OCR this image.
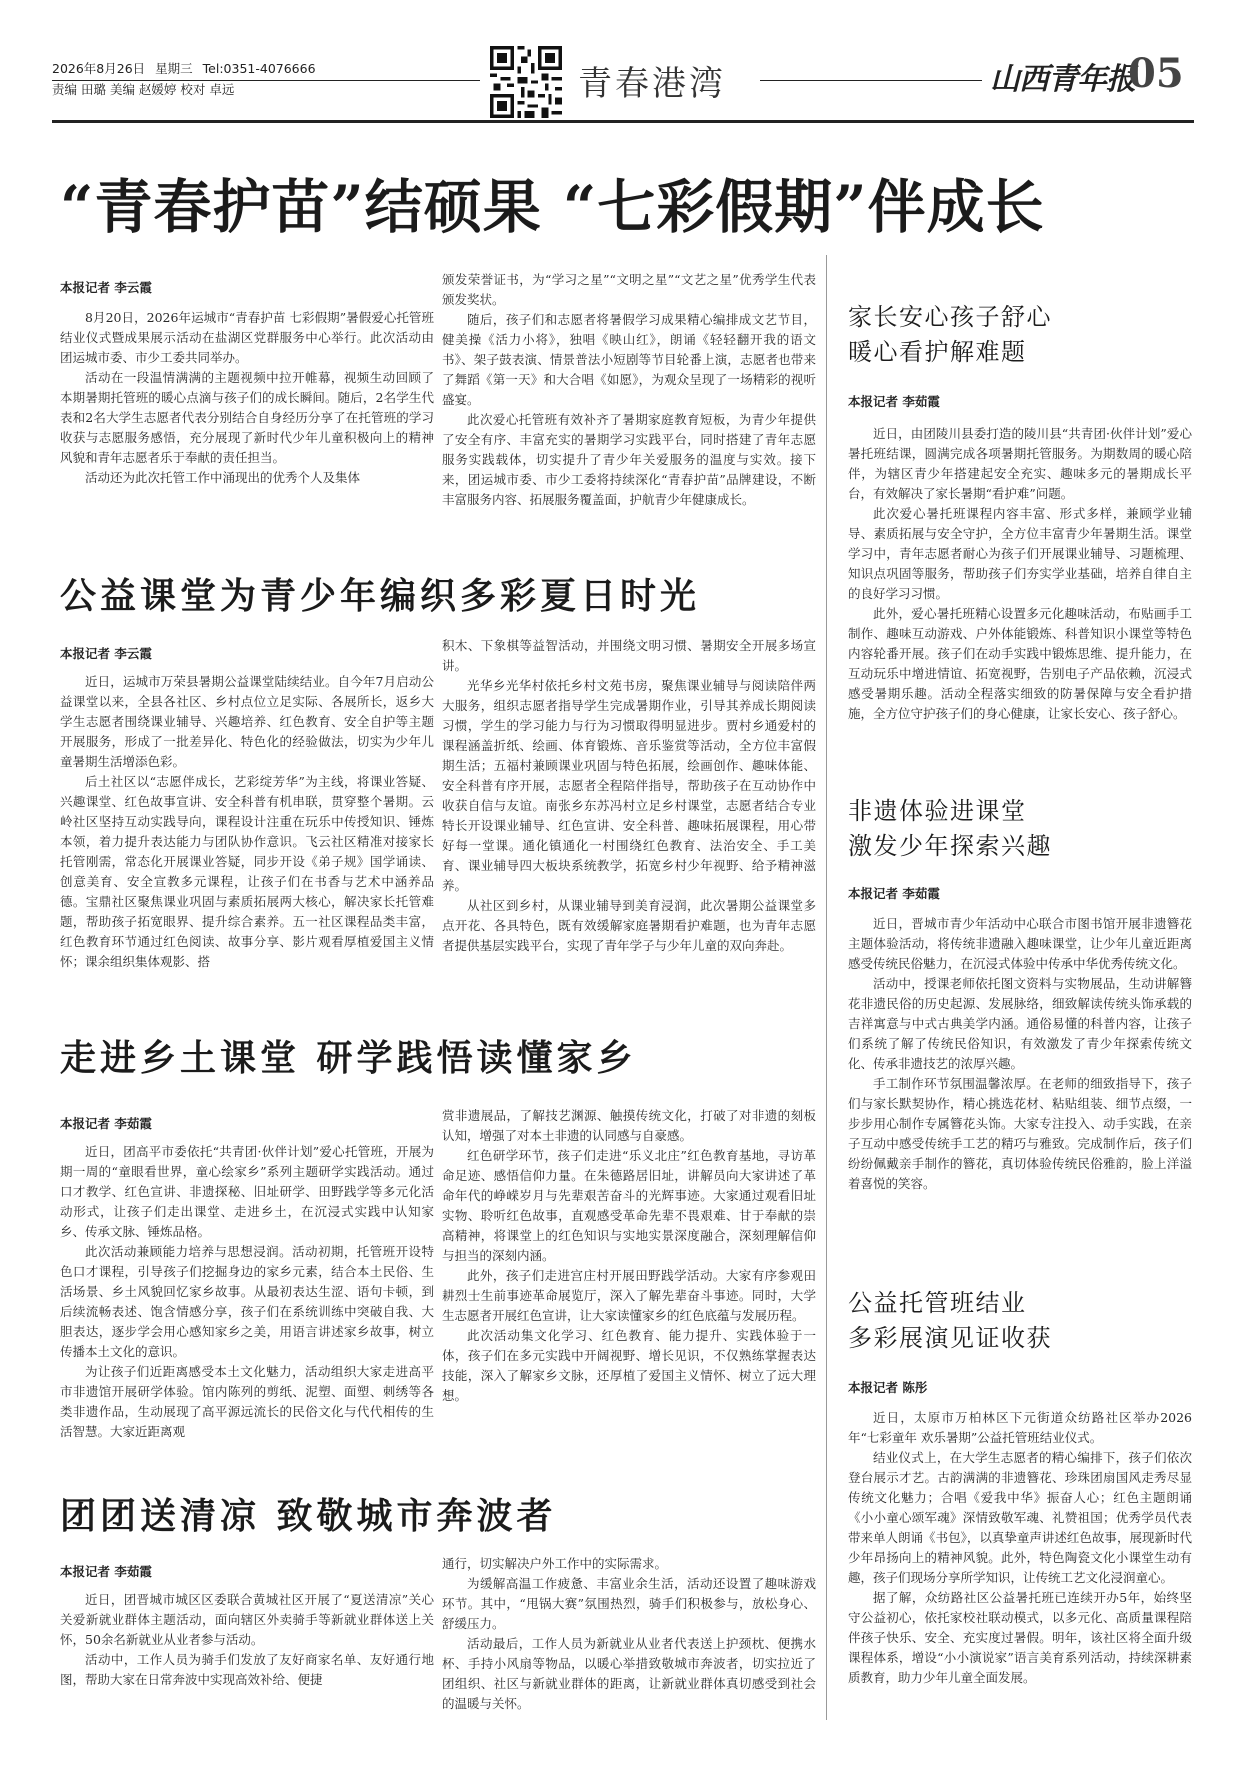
2026年8月26日 星期三 Tel:0351-4076666
责编 田璐 美编 赵媛婷 校对 卓远	青春港湾	山西青年报
05
“青春护苗”结硕果 “七彩假期”伴成长
本报记者 李云霞

8月20日，2026年运城市“青春护苗 七彩假期”暑假爱心托管班结业仪式暨成果展示活动在盐湖区党群服务中心举行。此次活动由团运城市委、市少工委共同举办。

活动在一段温情满满的主题视频中拉开帷幕，视频生动回顾了本期暑期托管班的暖心点滴与孩子们的成长瞬间。随后，2名学生代表和2名大学生志愿者代表分别结合自身经历分享了在托管班的学习收获与志愿服务感悟，充分展现了新时代少年儿童积极向上的精神风貌和青年志愿者乐于奉献的责任担当。

活动还为此次托管工作中涌现出的优秀个人及集体

颁发荣誉证书，为“学习之星”“文明之星”“文艺之星”优秀学生代表颁发奖状。

随后，孩子们和志愿者将暑假学习成果精心编排成文艺节目，健美操《活力小将》，独唱《映山红》，朗诵《轻轻翻开我的语文书》、架子鼓表演、情景普法小短剧等节目轮番上演，志愿者也带来了舞蹈《第一天》和大合唱《如愿》，为观众呈现了一场精彩的视听盛宴。

此次爱心托管班有效补齐了暑期家庭教育短板，为青少年提供了安全有序、丰富充实的暑期学习实践平台，同时搭建了青年志愿服务实践载体，切实提升了青少年关爱服务的温度与实效。接下来，团运城市委、市少工委将持续深化“青春护苗”品牌建设，不断丰富服务内容、拓展服务覆盖面，护航青少年健康成长。

公益课堂为青少年编织多彩夏日时光
本报记者 李云霞

近日，运城市万荣县暑期公益课堂陆续结业。自今年7月启动公益课堂以来，全县各社区、乡村点位立足实际、各展所长，返乡大学生志愿者围绕课业辅导、兴趣培养、红色教育、安全自护等主题开展服务，形成了一批差异化、特色化的经验做法，切实为少年儿童暑期生活增添色彩。

后土社区以“志愿伴成长，艺彩绽芳华”为主线，将课业答疑、兴趣课堂、红色故事宣讲、安全科普有机串联，贯穿整个暑期。云岭社区坚持互动实践导向，课程设计注重在玩乐中传授知识、锤炼本领，着力提升表达能力与团队协作意识。飞云社区精准对接家长托管刚需，常态化开展课业答疑，同步开设《弟子规》国学诵读、创意美育、安全宣教多元课程，让孩子们在书香与艺术中涵养品德。宝鼎社区聚焦课业巩固与素质拓展两大核心，解决家长托管难题，帮助孩子拓宽眼界、提升综合素养。五一社区课程品类丰富，红色教育环节通过红色阅读、故事分享、影片观看厚植爱国主义情怀；课余组织集体观影、搭

积木、下象棋等益智活动，并围绕文明习惯、暑期安全开展多场宣讲。

光华乡光华村依托乡村文苑书房，聚焦课业辅导与阅读陪伴两大服务，组织志愿者指导学生完成暑期作业，引导其养成长期阅读习惯，学生的学习能力与行为习惯取得明显进步。贾村乡通爱村的课程涵盖折纸、绘画、体育锻炼、音乐鉴赏等活动，全方位丰富假期生活；五福村兼顾课业巩固与特色拓展，绘画创作、趣味体能、安全科普有序开展，志愿者全程陪伴指导，帮助孩子在互动协作中收获自信与友谊。南张乡东苏冯村立足乡村课堂，志愿者结合专业特长开设课业辅导、红色宣讲、安全科普、趣味拓展课程，用心带好每一堂课。通化镇通化一村围绕红色教育、法治安全、手工美育、课业辅导四大板块系统教学，拓宽乡村少年视野、给予精神滋养。

从社区到乡村，从课业辅导到美育浸润，此次暑期公益课堂多点开花、各具特色，既有效缓解家庭暑期看护难题，也为青年志愿者提供基层实践平台，实现了青年学子与少年儿童的双向奔赴。

走进乡土课堂 研学践悟读懂家乡
本报记者 李茹霞

近日，团高平市委依托“共青团·伙伴计划”爱心托管班，开展为期一周的“童眼看世界，童心绘家乡”系列主题研学实践活动。通过口才教学、红色宣讲、非遗探秘、旧址研学、田野践学等多元化活动形式，让孩子们走出课堂、走进乡土，在沉浸式实践中认知家乡、传承文脉、锤炼品格。

此次活动兼顾能力培养与思想浸润。活动初期，托管班开设特色口才课程，引导孩子们挖掘身边的家乡元素，结合本土民俗、生活场景、乡土风貌回忆家乡故事。从最初表达生涩、语句卡顿，到后续流畅表述、饱含情感分享，孩子们在系统训练中突破自我、大胆表达，逐步学会用心感知家乡之美，用语言讲述家乡故事，树立传播本土文化的意识。

为让孩子们近距离感受本土文化魅力，活动组织大家走进高平市非遗馆开展研学体验。馆内陈列的剪纸、泥塑、面塑、刺绣等各类非遗作品，生动展现了高平源远流长的民俗文化与代代相传的生活智慧。大家近距离观

赏非遗展品，了解技艺渊源、触摸传统文化，打破了对非遗的刻板认知，增强了对本土非遗的认同感与自豪感。

红色研学环节，孩子们走进“乐义北庄”红色教育基地，寻访革命足迹、感悟信仰力量。在朱德路居旧址，讲解员向大家讲述了革命年代的峥嵘岁月与先辈艰苦奋斗的光辉事迹。大家通过观看旧址实物、聆听红色故事，直观感受革命先辈不畏艰难、甘于奉献的崇高精神，将课堂上的红色知识与实地实景深度融合，深刻理解信仰与担当的深刻内涵。

此外，孩子们走进宫庄村开展田野践学活动。大家有序参观田耕烈士生前事迹革命展览厅，深入了解先辈奋斗事迹。同时，大学生志愿者开展红色宣讲，让大家读懂家乡的红色底蕴与发展历程。

此次活动集文化学习、红色教育、能力提升、实践体验于一体，孩子们在多元实践中开阔视野、增长见识，不仅熟练掌握表达技能，深入了解家乡文脉，还厚植了爱国主义情怀、树立了远大理想。

团团送清凉 致敬城市奔波者
本报记者 李茹霞

近日，团晋城市城区区委联合黄城社区开展了“夏送清凉”关心关爱新就业群体主题活动，面向辖区外卖骑手等新就业群体送上关怀，50余名新就业从业者参与活动。

活动中，工作人员为骑手们发放了友好商家名单、友好通行地图，帮助大家在日常奔波中实现高效补给、便捷

通行，切实解决户外工作中的实际需求。

为缓解高温工作疲惫、丰富业余生活，活动还设置了趣味游戏环节。其中，“甩锅大赛”氛围热烈，骑手们积极参与，放松身心、舒缓压力。

活动最后，工作人员为新就业从业者代表送上护颈枕、便携水杯、手持小风扇等物品，以暖心举措致敬城市奔波者，切实拉近了团组织、社区与新就业群体的距离，让新就业群体真切感受到社会的温暖与关怀。

家长安心孩子舒心
暖心看护解难题
本报记者 李茹霞

近日，由团陵川县委打造的陵川县“共青团·伙伴计划”爱心暑托班结课，圆满完成各项暑期托管服务。为期数周的暖心陪伴，为辖区青少年搭建起安全充实、趣味多元的暑期成长平台，有效解决了家长暑期“看护难”问题。

此次爱心暑托班课程内容丰富、形式多样，兼顾学业辅导、素质拓展与安全守护，全方位丰富青少年暑期生活。课堂学习中，青年志愿者耐心为孩子们开展课业辅导、习题梳理、知识点巩固等服务，帮助孩子们夯实学业基础，培养自律自主的良好学习习惯。

此外，爱心暑托班精心设置多元化趣味活动，布贴画手工制作、趣味互动游戏、户外体能锻炼、科普知识小课堂等特色内容轮番开展。孩子们在动手实践中锻炼思维、提升能力，在互动玩乐中增进情谊、拓宽视野，告别电子产品依赖，沉浸式感受暑期乐趣。活动全程落实细致的防暑保障与安全看护措施，全方位守护孩子们的身心健康，让家长安心、孩子舒心。

非遗体验进课堂
激发少年探索兴趣
本报记者 李茹霞

近日，晋城市青少年活动中心联合市图书馆开展非遗簪花主题体验活动，将传统非遗融入趣味课堂，让少年儿童近距离感受传统民俗魅力，在沉浸式体验中传承中华优秀传统文化。

活动中，授课老师依托图文资料与实物展品，生动讲解簪花非遗民俗的历史起源、发展脉络，细致解读传统头饰承载的吉祥寓意与中式古典美学内涵。通俗易懂的科普内容，让孩子们系统了解了传统民俗知识，有效激发了青少年探索传统文化、传承非遗技艺的浓厚兴趣。

手工制作环节氛围温馨浓厚。在老师的细致指导下，孩子们与家长默契协作，精心挑选花材、粘贴组装、细节点缀，一步步用心制作专属簪花头饰。大家专注投入、动手实践，在亲子互动中感受传统手工艺的精巧与雅致。完成制作后，孩子们纷纷佩戴亲手制作的簪花，真切体验传统民俗雅韵，脸上洋溢着喜悦的笑容。

公益托管班结业
多彩展演见证收获
本报记者 陈彤

近日，太原市万柏林区下元街道众纺路社区举办2026年“七彩童年 欢乐暑期”公益托管班结业仪式。

结业仪式上，在大学生志愿者的精心编排下，孩子们依次登台展示才艺。古韵满满的非遗簪花、珍珠团扇国风走秀尽显传统文化魅力；合唱《爱我中华》振奋人心；红色主题朗诵《小小童心颂军魂》深情致敬军魂、礼赞祖国；优秀学员代表带来单人朗诵《书包》，以真挚童声讲述红色故事，展现新时代少年昂扬向上的精神风貌。此外，特色陶瓷文化小课堂生动有趣，孩子们现场分享所学知识，让传统工艺文化浸润童心。

据了解，众纺路社区公益暑托班已连续开办5年，始终坚守公益初心，依托家校社联动模式，以多元化、高质量课程陪伴孩子快乐、安全、充实度过暑假。明年，该社区将全面升级课程体系，增设“小小演说家”语言美育系列活动，持续深耕素质教育，助力少年儿童全面发展。
